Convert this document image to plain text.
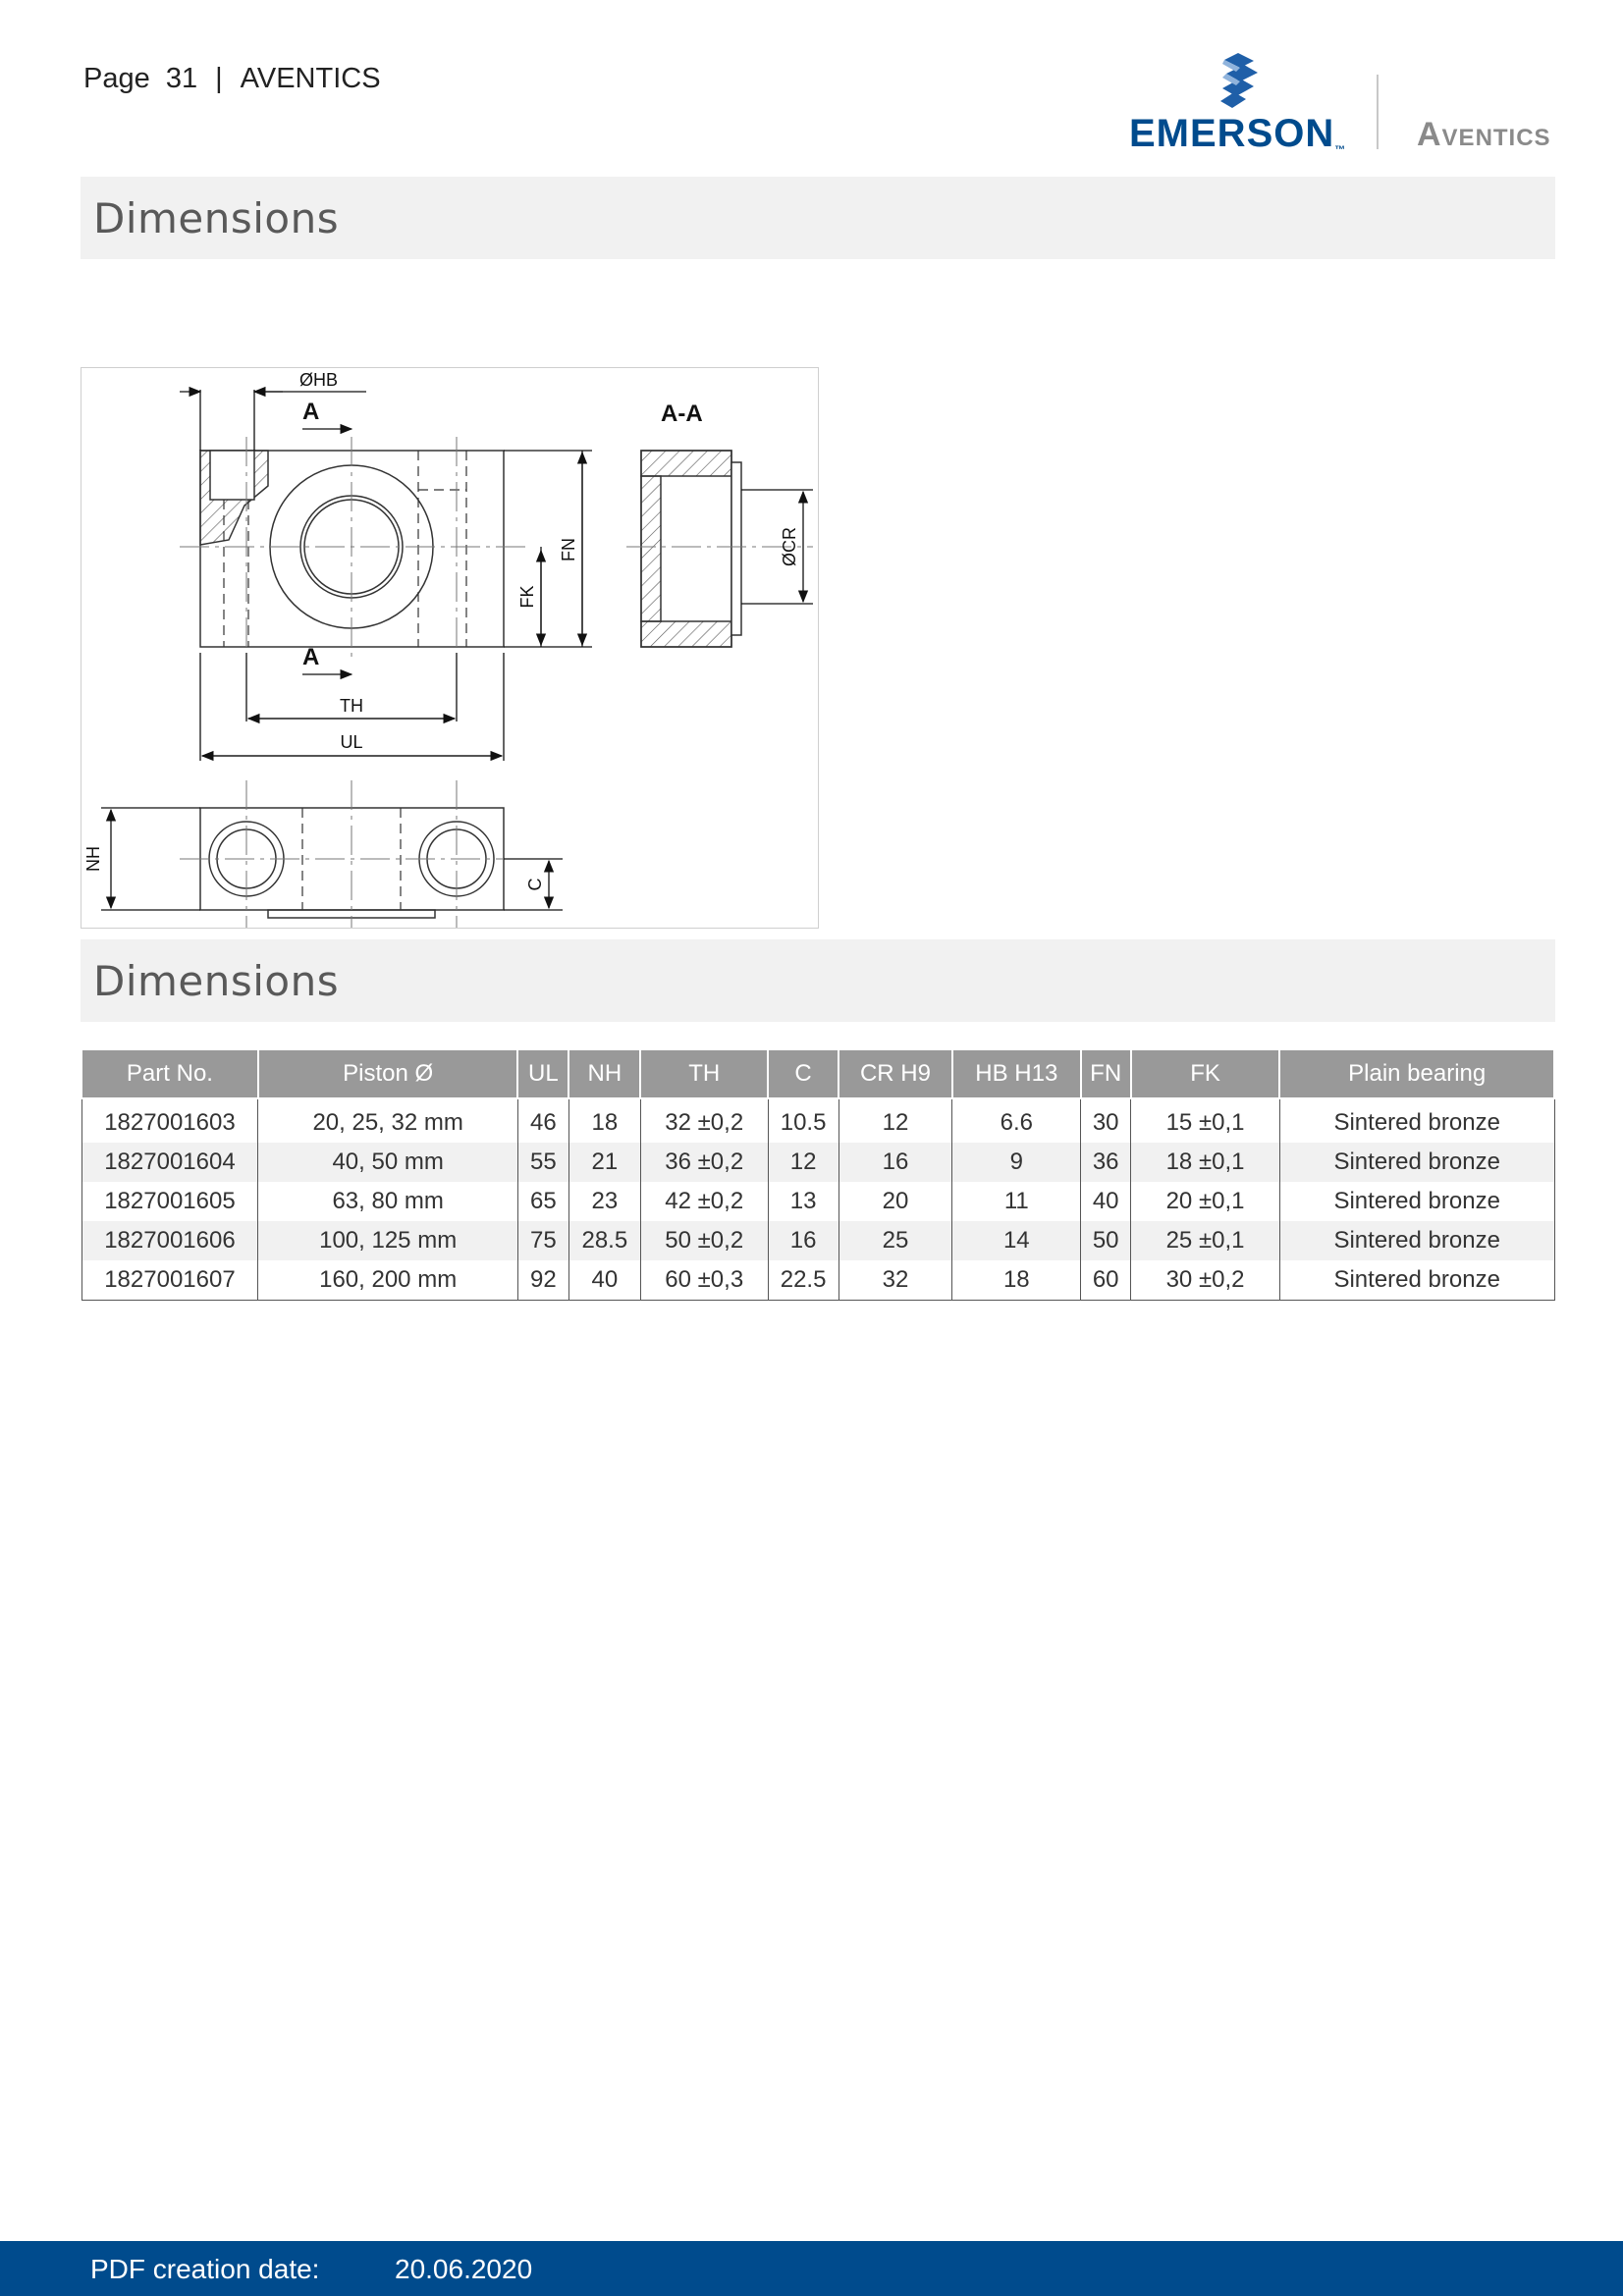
Page 31 | AVENTICS
EMERSON™ Aventics
Dimensions
ØHB
A	A-A
A
FN
FK
ØCR
TH
UL
NH
C
Dimensions
Part No.	Piston Ø	UL	NH	TH	C	CR H9	HB H13	FN	FK	Plain bearing
1827001603	20, 25, 32 mm	46	18	32 ±0,2	10.5	12	6.6	30	15 ±0,1	Sintered bronze
1827001604	40, 50 mm	55	21	36 ±0,2	12	16	9	36	18 ±0,1	Sintered bronze
1827001605	63, 80 mm	65	23	42 ±0,2	13	20	11	40	20 ±0,1	Sintered bronze
1827001606	100, 125 mm	75	28.5	50 ±0,2	16	25	14	50	25 ±0,1	Sintered bronze
1827001607	160, 200 mm	92	40	60 ±0,3	22.5	32	18	60	30 ±0,2	Sintered bronze
PDF creation date:	20.06.2020
